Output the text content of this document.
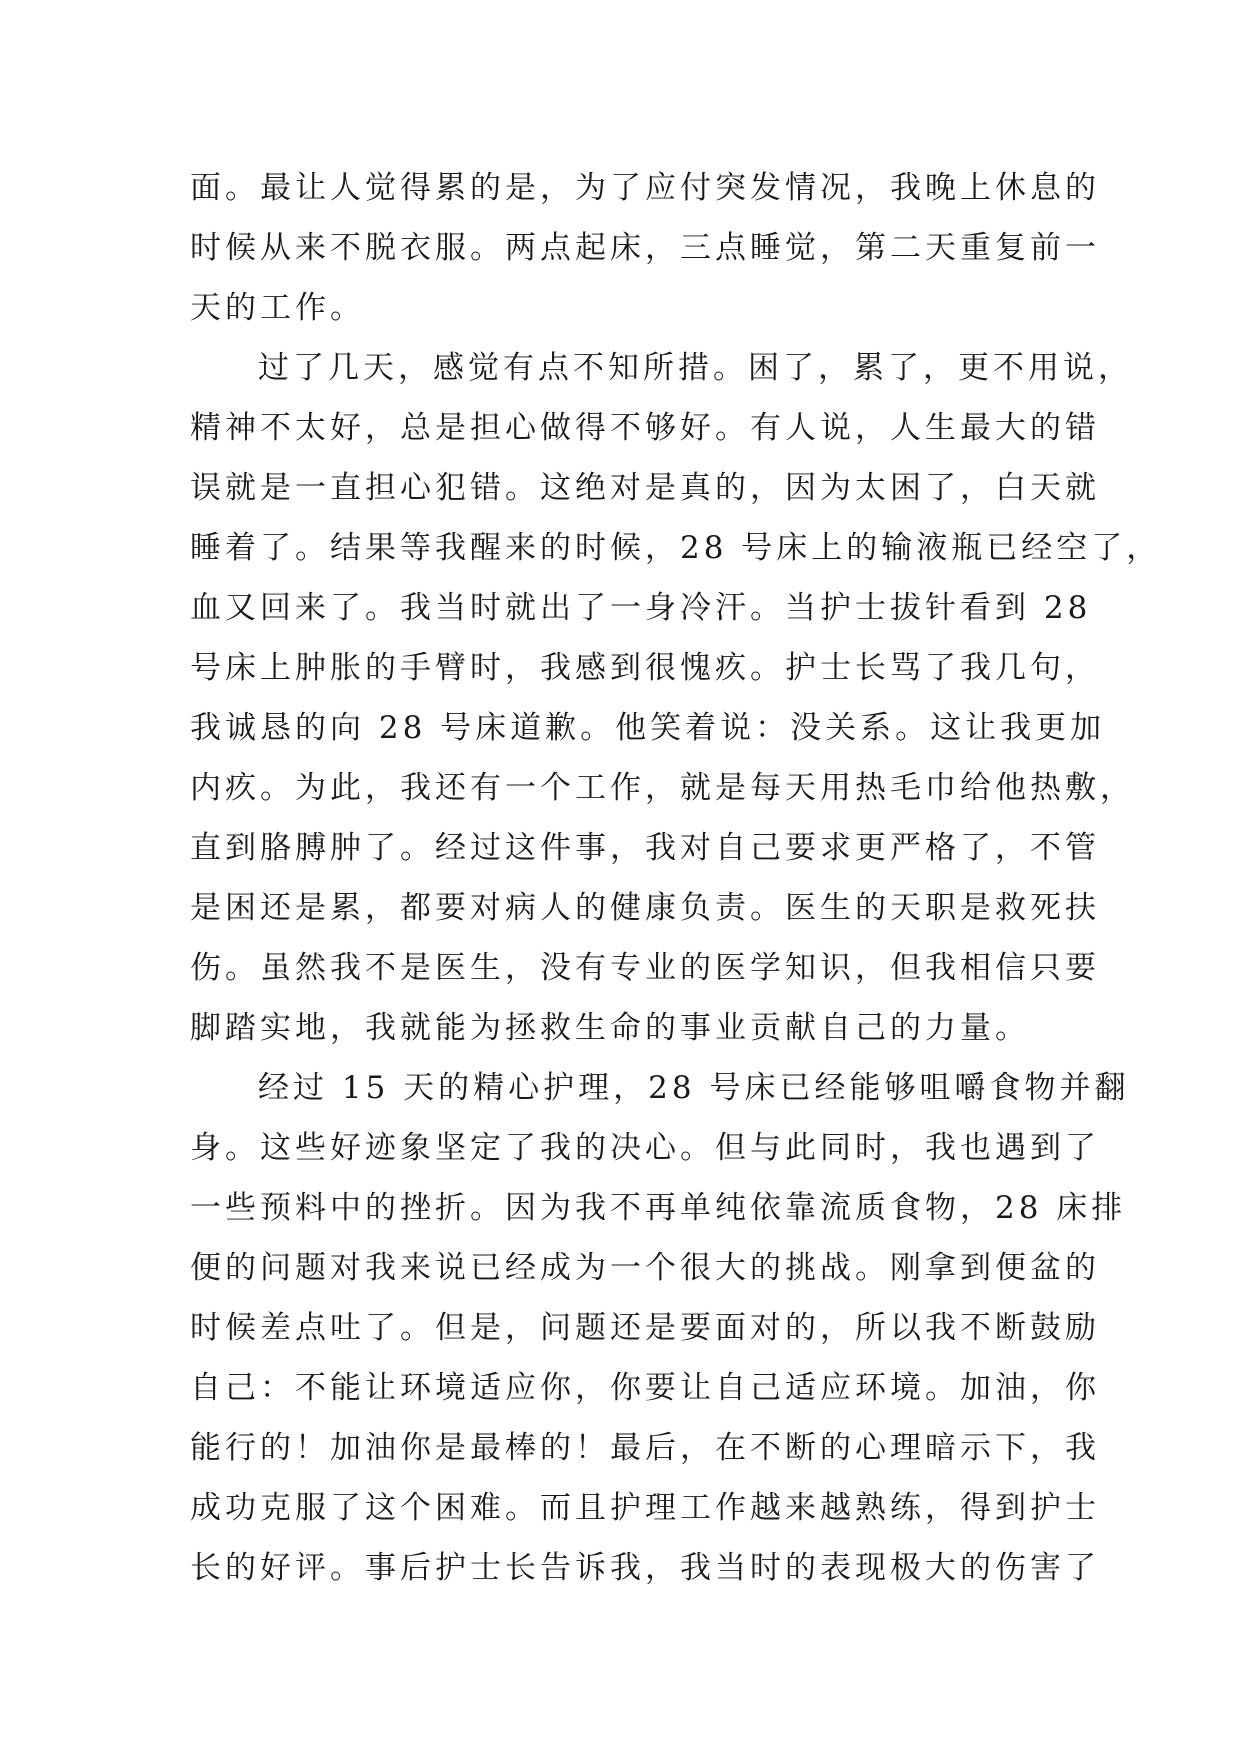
面。最让人觉得累的是，为了应付突发情况，我晚上休息的
时候从来不脱衣服。两点起床，三点睡觉，第二天重复前一
天的工作。
过了几天，感觉有点不知所措。困了，累了，更不用说，
精神不太好，总是担心做得不够好。有人说，人生最大的错
误就是一直担心犯错。这绝对是真的，因为太困了，白天就
睡着了。结果等我醒来的时候，28 号床上的输液瓶已经空了，
血又回来了。我当时就出了一身冷汗。当护士拔针看到 28
号床上肿胀的手臂时，我感到很愧疚。护士长骂了我几句，
我诚恳的向 28 号床道歉。他笑着说：没关系。这让我更加
内疚。为此，我还有一个工作，就是每天用热毛巾给他热敷，
直到胳膊肿了。经过这件事，我对自己要求更严格了，不管
是困还是累，都要对病人的健康负责。医生的天职是救死扶
伤。虽然我不是医生，没有专业的医学知识，但我相信只要
脚踏实地，我就能为拯救生命的事业贡献自己的力量。
经过 15 天的精心护理，28 号床已经能够咀嚼食物并翻
身。这些好迹象坚定了我的决心。但与此同时，我也遇到了
一些预料中的挫折。因为我不再单纯依靠流质食物，28 床排
便的问题对我来说已经成为一个很大的挑战。刚拿到便盆的
时候差点吐了。但是，问题还是要面对的，所以我不断鼓励
自己：不能让环境适应你，你要让自己适应环境。加油，你
能行的！加油你是最棒的！最后，在不断的心理暗示下，我
成功克服了这个困难。而且护理工作越来越熟练，得到护士
长的好评。事后护士长告诉我，我当时的表现极大的伤害了
